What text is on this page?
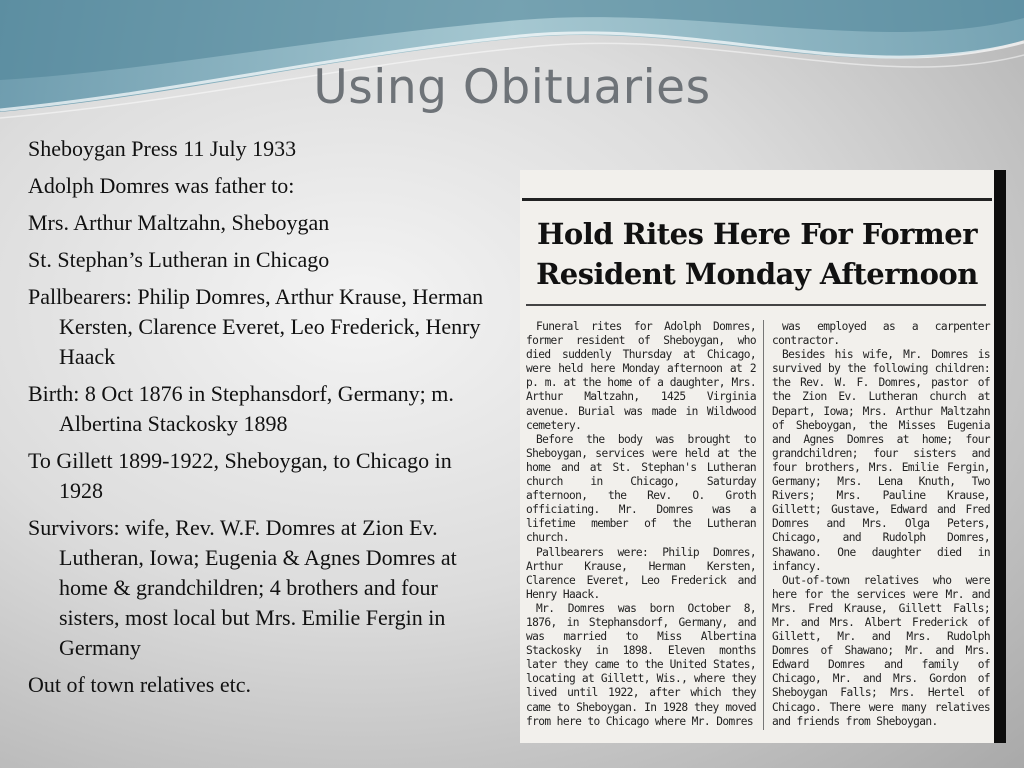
Using Obituaries
Sheboygan Press 11 July 1933
Adolph Domres was father to:
Mrs. Arthur Maltzahn, Sheboygan
St. Stephan’s Lutheran in Chicago
Pallbearers: Philip Domres, Arthur Krause, Herman Kersten, Clarence Everet, Leo Frederick, Henry Haack
Birth: 8 Oct 1876 in Stephansdorf, Germany; m. Albertina Stackosky 1898
To Gillett 1899-1922, Sheboygan, to Chicago in 1928
Survivors: wife, Rev. W.F. Domres at Zion Ev. Lutheran, Iowa; Eugenia & Agnes Domres at home & grandchildren; 4 brothers and four sisters, most local but Mrs. Emilie Fergin in Germany
Out of town relatives etc.
Hold Rites Here For Former
Resident Monday Afternoon

Funeral rites for Adolph Domres, former resident of Sheboygan, who died suddenly Thursday at Chicago, were held here Monday afternoon at 2 p. m. at the home of a daughter, Mrs. Arthur Maltzahn, 1425 Virginia avenue. Burial was made in Wildwood cemetery.

Before the body was brought to Sheboygan, services were held at the home and at St. Stephan's Lutheran church in Chicago, Saturday afternoon, the Rev. O. Groth officiating. Mr. Domres was a lifetime member of the Lutheran church.

Pallbearers were: Philip Domres, Arthur Krause, Herman Kersten, Clarence Everet, Leo Frederick and Henry Haack.

Mr. Domres was born October 8, 1876, in Stephansdorf, Germany, and was married to Miss Albertina Stackosky in 1898. Eleven months later they came to the United States, locating at Gillett, Wis., where they lived until 1922, after which they came to Sheboygan. In 1928 they moved from here to Chicago where Mr. Domres

was employed as a carpenter contractor.

Besides his wife, Mr. Domres is survived by the following children: the Rev. W. F. Domres, pastor of the Zion Ev. Lutheran church at Depart, Iowa; Mrs. Arthur Maltzahn of Sheboygan, the Misses Eugenia and Agnes Domres at home; four grandchildren; four sisters and four brothers, Mrs. Emilie Fergin, Germany; Mrs. Lena Knuth, Two Rivers; Mrs. Pauline Krause, Gillett; Gustave, Edward and Fred Domres and Mrs. Olga Peters, Chicago, and Rudolph Domres, Shawano. One daughter died in infancy.

Out-of-town relatives who were here for the services were Mr. and Mrs. Fred Krause, Gillett Falls; Mr. and Mrs. Albert Frederick of Gillett, Mr. and Mrs. Rudolph Domres of Shawano; Mr. and Mrs. Edward Domres and family of Chicago, Mr. and Mrs. Gordon of Sheboygan Falls; Mrs. Hertel of Chicago. There were many relatives and friends from Sheboygan.
